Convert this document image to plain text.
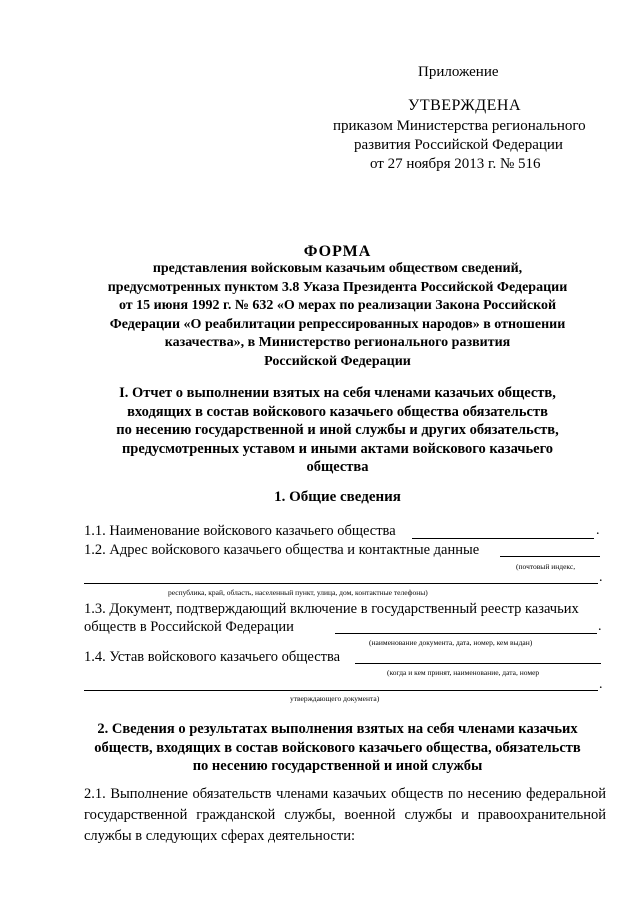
Приложение
УТВЕРЖДЕНА
приказом Министерства регионального
развития Российской Федерации
от 27 ноября 2013 г. № 516
ФОРМА
представления войсковым казачьим обществом сведений,
предусмотренных пунктом 3.8 Указа Президента Российской Федерации
от 15 июня 1992 г. № 632 «О мерах по реализации Закона Российской
Федерации «О реабилитации репрессированных народов» в отношении
казачества», в Министерство регионального развития
Российской Федерации
I. Отчет о выполнении взятых на себя членами казачьих обществ,
входящих в состав войскового казачьего общества обязательств
по несению государственной и иной службы и других обязательств,
предусмотренных уставом и иными актами войскового казачьего
общества
1. Общие сведения
1.1. Наименование войскового казачьего общества	.
1.2. Адрес войскового казачьего общества и контактные данные
(почтовый индекс,
.
республика, край, область, населенный пункт, улица, дом, контактные телефоны)
1.3. Документ, подтверждающий включение в государственный реестр казачьих
обществ в Российской Федерации	.
(наименование документа, дата, номер, кем выдан)
1.4. Устав войскового казачьего общества
(когда и кем принят, наименование, дата, номер
.
утверждающего документа)
2. Сведения о результатах выполнения взятых на себя членами казачьих
обществ, входящих в состав войскового казачьего общества, обязательств
по несению государственной и иной службы
2.1. Выполнение обязательств членами казачьих обществ по несению федеральной государственной гражданской службы, военной службы и правоохранительной службы в следующих сферах деятельности:
